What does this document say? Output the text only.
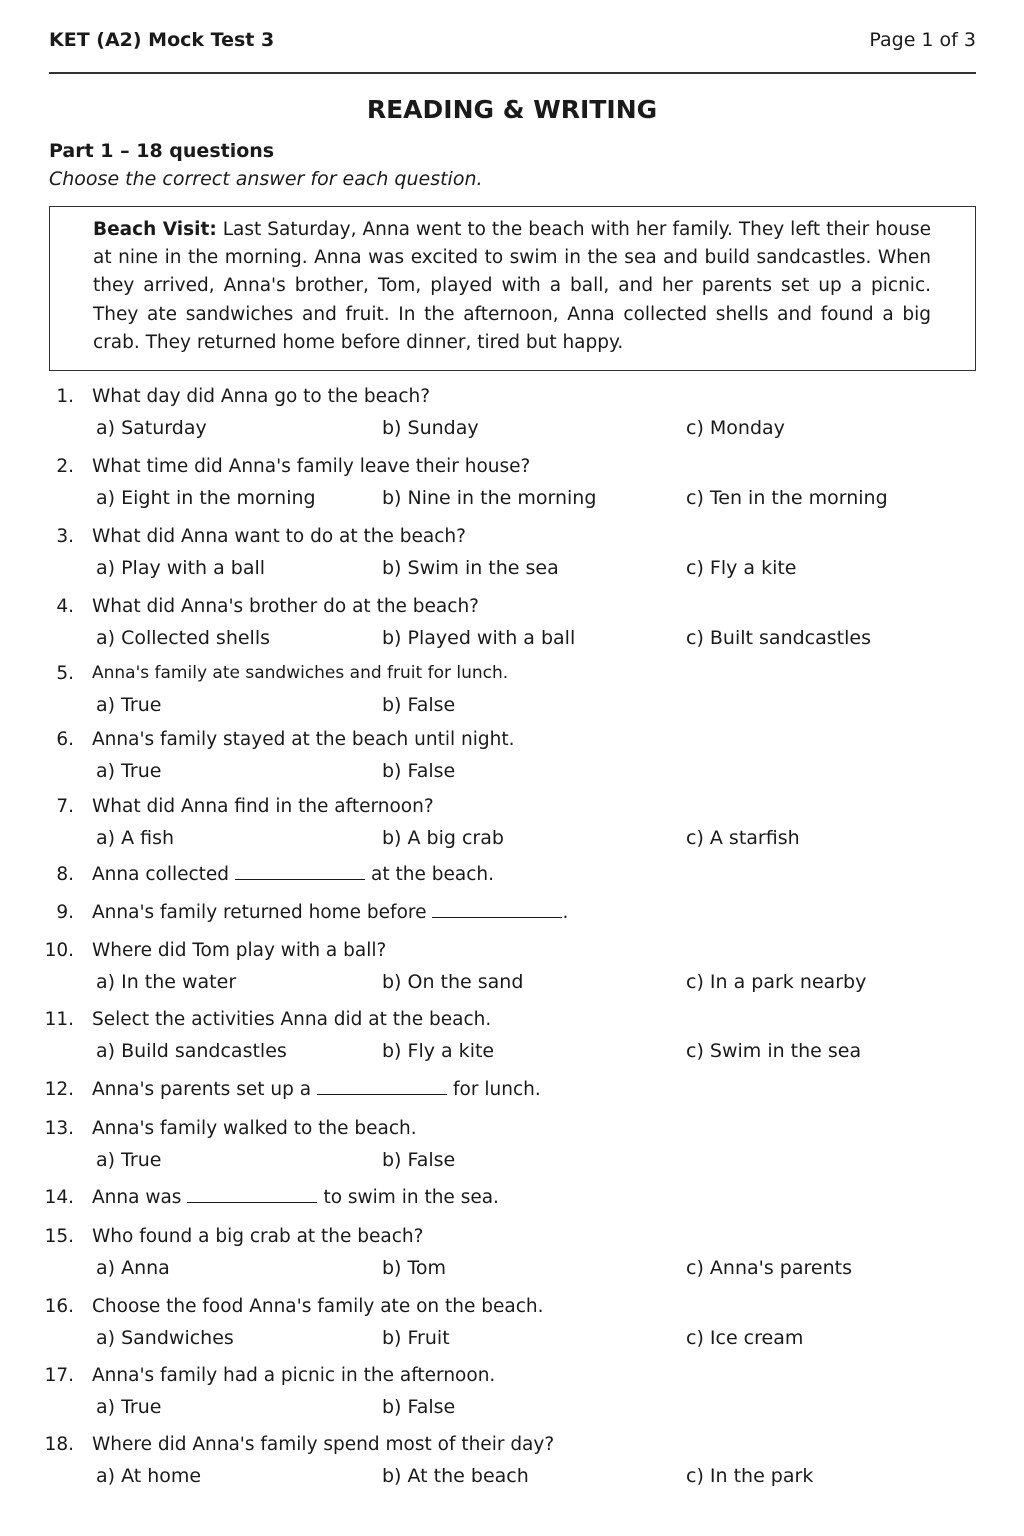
KET (A2) Mock Test 3	Page 1 of 3
READING & WRITING
Part 1 – 18 questions
Choose the correct answer for each question.
Beach Visit: Last Saturday, Anna went to the beach with her family. They left their house at nine in the morning. Anna was excited to swim in the sea and build sandcastles. When they arrived, Anna's brother, Tom, played with a ball, and her parents set up a picnic. They ate sandwiches and fruit. In the afternoon, Anna collected shells and found a big crab. They returned home before dinner, tired but happy.
1. What day did Anna go to the beach?
a) Saturday	b) Sunday	c) Monday
2. What time did Anna's family leave their house?
a) Eight in the morning	b) Nine in the morning	c) Ten in the morning
3. What did Anna want to do at the beach?
a) Play with a ball	b) Swim in the sea	c) Fly a kite
4. What did Anna's brother do at the beach?
a) Collected shells	b) Played with a ball	c) Built sandcastles
5. Anna's family ate sandwiches and fruit for lunch.
a) True	b) False
6. Anna's family stayed at the beach until night.
a) True	b) False
7. What did Anna find in the afternoon?
a) A fish	b) A big crab	c) A starfish
8. Anna collected	at the beach.
9. Anna's family returned home before	.
10. Where did Tom play with a ball?
a) In the water	b) On the sand	c) In a park nearby
11. Select the activities Anna did at the beach.
a) Build sandcastles	b) Fly a kite	c) Swim in the sea
12. Anna's parents set up a	for lunch.
13. Anna's family walked to the beach.
a) True	b) False
14. Anna was	to swim in the sea.
15. Who found a big crab at the beach?
a) Anna	b) Tom	c) Anna's parents
16. Choose the food Anna's family ate on the beach.
a) Sandwiches	b) Fruit	c) Ice cream
17. Anna's family had a picnic in the afternoon.
a) True	b) False
18. Where did Anna's family spend most of their day?
a) At home	b) At the beach	c) In the park
